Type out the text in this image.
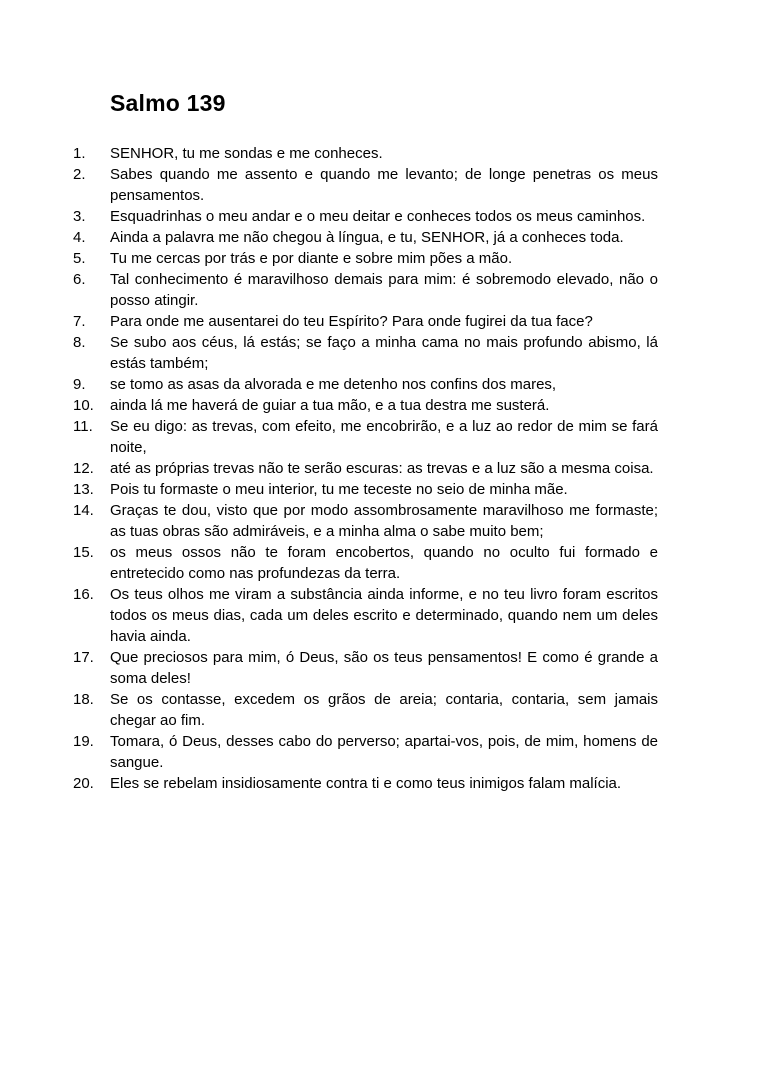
Salmo 139
1.	SENHOR, tu me sondas e me conheces.
2.	Sabes quando me assento e quando me levanto; de longe penetras os meus pensamentos.
3.	Esquadrinhas o meu andar e o meu deitar e conheces todos os meus caminhos.
4.	Ainda a palavra me não chegou à língua, e tu, SENHOR, já a conheces toda.
5.	Tu me cercas por trás e por diante e sobre mim pões a mão.
6.	Tal conhecimento é maravilhoso demais para mim: é sobremodo elevado, não o posso atingir.
7.	Para onde me ausentarei do teu Espírito? Para onde fugirei da tua face?
8.	Se subo aos céus, lá estás; se faço a minha cama no mais profundo abismo, lá estás também;
9.	se tomo as asas da alvorada e me detenho nos confins dos mares,
10.	ainda lá me haverá de guiar a tua mão, e a tua destra me susterá.
11.	Se eu digo: as trevas, com efeito, me encobrirão, e a luz ao redor de mim se fará noite,
12.	até as próprias trevas não te serão escuras: as trevas e a luz são a mesma coisa.
13.	Pois tu formaste o meu interior, tu me teceste no seio de minha mãe.
14.	Graças te dou, visto que por modo assombrosamente maravilhoso me formaste; as tuas obras são admiráveis, e a minha alma o sabe muito bem;
15.	os meus ossos não te foram encobertos, quando no oculto fui formado e entretecido como nas profundezas da terra.
16.	Os teus olhos me viram a substância ainda informe, e no teu livro foram escritos todos os meus dias, cada um deles escrito e determinado, quando nem um deles havia ainda.
17.	Que preciosos para mim, ó Deus, são os teus pensamentos! E como é grande a soma deles!
18.	Se os contasse, excedem os grãos de areia; contaria, contaria, sem jamais chegar ao fim.
19.	Tomara, ó Deus, desses cabo do perverso; apartai-vos, pois, de mim, homens de sangue.
20.	Eles se rebelam insidiosamente contra ti e como teus inimigos falam malícia.
